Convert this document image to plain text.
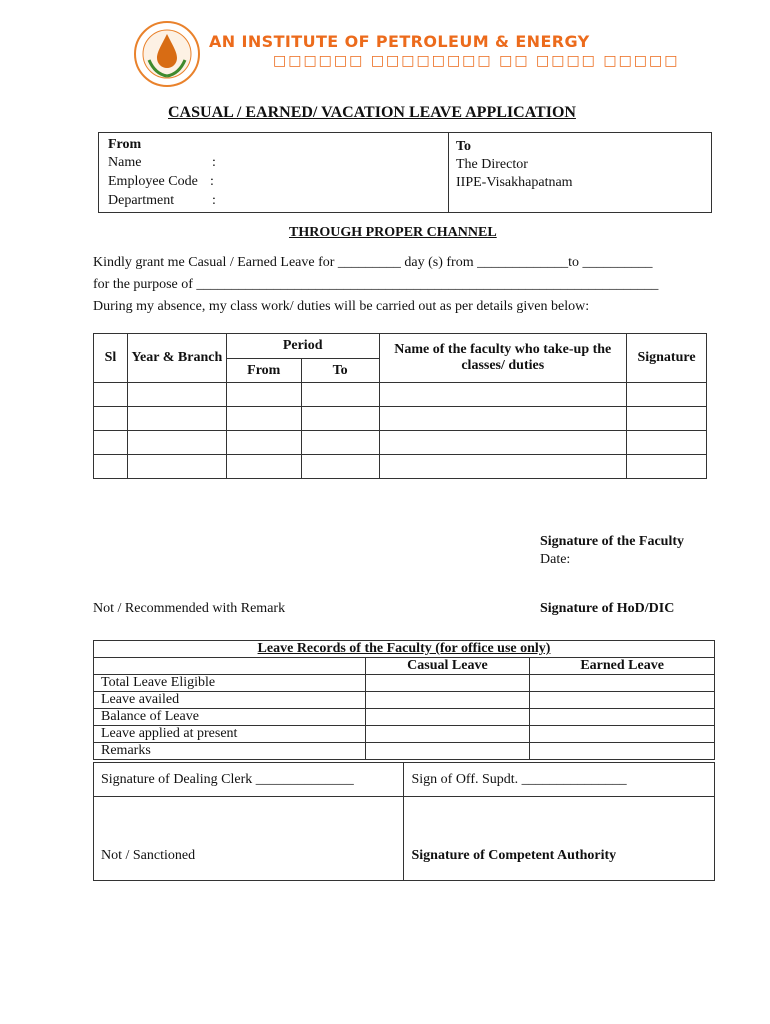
AN INSTITUTE OF PETROLEUM & ENERGY
□□□□□□ □□□□□□□□ □□ □□□□ □□□□□
CASUAL / EARNED/ VACATION LEAVE APPLICATION
From
Name	:
Employee Code :
Department	:
To
The Director
IIPE-Visakhapatnam
THROUGH PROPER CHANNEL
Kindly grant me Casual / Earned Leave for _________ day (s) from _____________to __________
for the purpose of __________________________________________________________________
During my absence, my class work/ duties will be carried out as per details given below:
Sl	Year & Branch	Period		Name of the faculty who take-up the classes/ duties	Signature
		From	To		

Signature of the Faculty
Date:
Not / Recommended with Remark	Signature of HoD/DIC
Leave Records of the Faculty (for office use only)		
	Casual Leave	Earned Leave
Total Leave Eligible		
Leave availed		
Balance of Leave		
Leave applied at present		
Remarks		
Signature of Dealing Clerk ______________	Sign of Off. Supdt. _______________
Not / Sanctioned	Signature of Competent Authority
